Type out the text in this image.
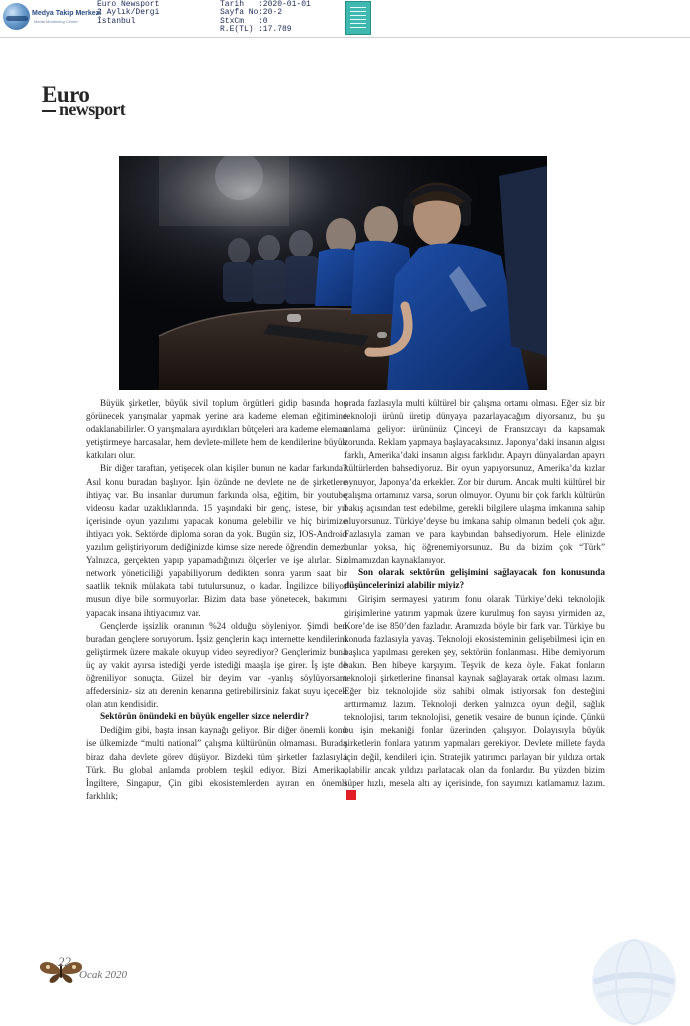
Medya Takip Merkezi
Media Monitoring Center
Euro Newsport
2 Aylık/Dergi
İstanbul
Tarih :2020-01-01
Sayfa No:20-2
StxCm :0
R.E(TL) :17.789
Euro
newsport

Büyük şirketler, büyük sivil toplum örgütleri gidip basında hoş görünecek yarışmalar yapmak yerine ara kademe eleman eğitimine odaklanabilirler. O yarışmalara ayırdıkları bütçeleri ara kademe eleman yetiştirmeye harcasalar, hem devlete-millete hem de kendilerine büyük katkıları olur.

Bir diğer taraftan, yetişecek olan kişiler bunun ne kadar farkında? Asıl konu buradan başlıyor. İşin özünde ne devlete ne de şirketlere ihtiyaç var. Bu insanlar durumun farkında olsa, eğitim, bir youtube videosu kadar uzaklıklarında. 15 yaşındaki bir genç, istese, bir yıl içerisinde oyun yazılımı yapacak konuma gelebilir ve hiç birimize ihtiyacı yok. Sektörde diploma soran da yok. Bugün siz, IOS-Android yazılım geliştiriyorum dediğinizde kimse size nerede öğrendin demez. Yalnızca, gerçekten yapıp yapamadığınızı ölçerler ve işe alırlar. Siz network yöneticiliği yapabiliyorum dedikten sonra yarım saat bir saatlik teknik mülakata tabi tutulursunuz, o kadar. İngilizce biliyor musun diye bile sormuyorlar. Bizim data base yönetecek, bakımını yapacak insana ihtiyacımız var.

Gençlerde işsizlik oranının %24 olduğu söyleniyor. Şimdi ben buradan gençlere soruyorum. İşsiz gençlerin kaçı internette kendilerini geliştirmek üzere makale okuyup video seyrediyor? Gençlerimiz buna üç ay vakit ayırsa istediği yerde istediği maaşla işe girer. İş işte de öğreniliyor sonuçta. Güzel bir deyim var -yanlış söylüyorsam affedersiniz- siz atı derenin kenarına getirebilirsiniz fakat suyu içecek olan atın kendisidir.

Sektörün önündeki en büyük engeller sizce nelerdir?

Dediğim gibi, başta insan kaynağı geliyor. Bir diğer önemli konu ise ülkemizde “multi national” çalışma kültürünün olmaması. Burada biraz daha devlete görev düşüyor. Bizdeki tüm şirketler fazlasıyla Türk. Bu global anlamda problem teşkil ediyor. Bizi Amerika, İngiltere, Singapur, Çin gibi ekosistemlerden ayıran en önemli farklılık;

orada fazlasıyla multi kültürel bir çalışma ortamı olması. Eğer siz bir teknoloji ürünü üretip dünyaya pazarlayacağım diyorsanız, bu şu anlama geliyor: ürününüz Çinceyi de Fransızcayı da kapsamak zorunda. Reklam yapmaya başlayacaksınız. Japonya’daki insanın algısı farklı, Amerika’daki insanın algısı farklıdır. Apayrı dünyalardan apayrı kültürlerden bahsediyoruz. Bir oyun yapıyorsunuz, Amerika’da kızlar oynuyor, Japonya’da erkekler. Zor bir durum. Ancak multi kültürel bir çalışma ortamınız varsa, sorun olmuyor. Oyunu bir çok farklı kültürün bakış açısından test edebilme, gerekli bilgilere ulaşma imkanına sahip oluyorsunuz. Türkiye’deyse bu imkana sahip olmanın bedeli çok ağır. Fazlasıyla zaman ve para kaybından bahsediyorum. Hele elinizde bunlar yoksa, hiç öğrenemiyorsunuz. Bu da bizim çok “Türk” olmamızdan kaynaklanıyor.

Son olarak sektörün gelişimini sağlayacak fon konusunda düşüncelerinizi alabilir miyiz?

Girişim sermayesi yatırım fonu olarak Türkiye’deki teknolojik girişimlerine yatırım yapmak üzere kurulmuş fon sayısı yirmiden az, Kore’de ise 850’den fazladır. Aramızda böyle bir fark var. Türkiye bu konuda fazlasıyla yavaş. Teknoloji ekosisteminin gelişebilmesi için en başlıca yapılması gereken şey, sektörün fonlanması. Hibe demiyorum bakın. Ben hibeye karşıyım. Teşvik de keza öyle. Fakat fonların teknoloji şirketlerine finansal kaynak sağlayarak ortak olması lazım. Eğer biz teknolojide söz sahibi olmak istiyorsak fon desteğini arttırmamız lazım. Teknoloji derken yalnızca oyun değil, sağlık teknolojisi, tarım teknolojisi, genetik vesaire de bunun içinde. Çünkü bu işin mekaniği fonlar üzerinden çalışıyor. Dolayısıyla büyük şirketlerin fonlara yatırım yapmaları gerekiyor. Devlete millete fayda için değil, kendileri için. Stratejik yatırımcı parlayan bir yıldıza ortak olabilir ancak yıldızı parlatacak olan da fonlardır. Bu yüzden bizim süper hızlı, mesela altı ay içerisinde, fon sayımızı katlamamız lazım.

22
Ocak 2020
